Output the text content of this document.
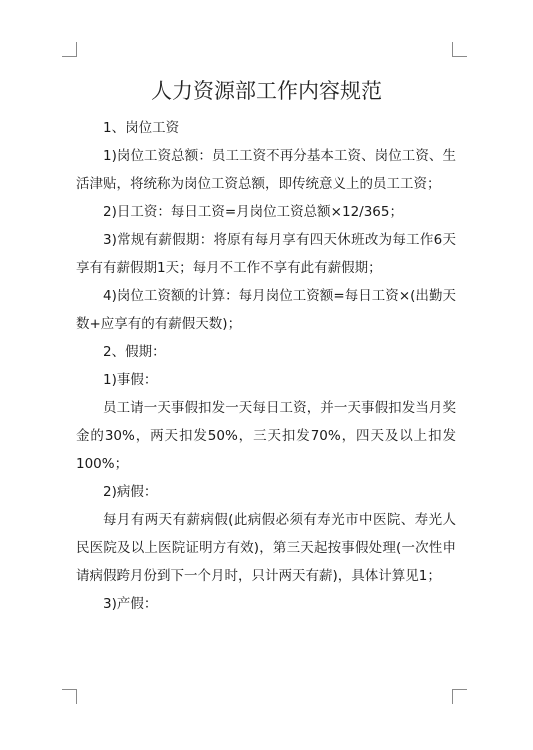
人力资源部工作内容规范

1、岗位工资

1)岗位工资总额：员工工资不再分基本工资、岗位工资、生活津贴，将统称为岗位工资总额，即传统意义上的员工工资；

2)日工资：每日工资=月岗位工资总额×12/365；

3)常规有薪假期：将原有每月享有四天休班改为每工作6天享有有薪假期1天；每月不工作不享有此有薪假期；

4)岗位工资额的计算：每月岗位工资额=每日工资×(出勤天数+应享有的有薪假天数)；

2、假期：

1)事假：

员工请一天事假扣发一天每日工资，并一天事假扣发当月奖金的30%，两天扣发50%，三天扣发70%，四天及以上扣发100%；

2)病假：

每月有两天有薪病假(此病假必须有寿光市中医院、寿光人民医院及以上医院证明方有效)，第三天起按事假处理(一次性申请病假跨月份到下一个月时，只计两天有薪)，具体计算见1；

3)产假：
